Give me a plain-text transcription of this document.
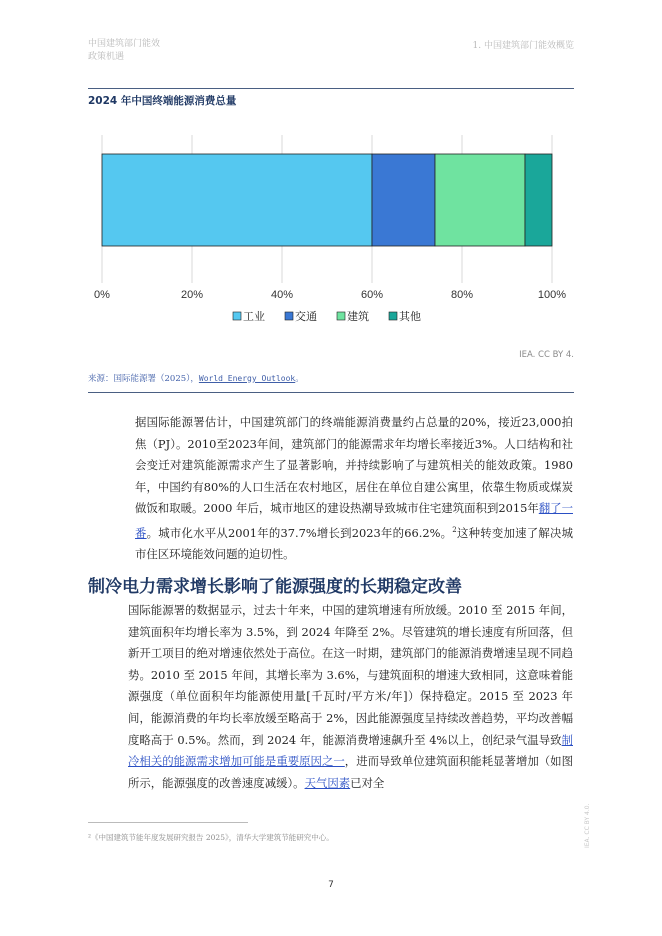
中国建筑部门能效
政策机遇
1. 中国建筑部门能效概览
2024 年中国终端能源消费总量
0%	20%	40%	60%	80%	100%
工业	交通	建筑	其他
IEA. CC BY 4.
来源：国际能源署（2025），World Energy Outlook。
据国际能源署估计，中国建筑部门的终端能源消费量约占总量的20%，接近23,000拍焦（PJ）。2010至2023年间，建筑部门的能源需求年均增长率接近3%。人口结构和社会变迁对建筑能源需求产生了显著影响，并持续影响了与建筑相关的能效政策。1980年，中国约有80%的人口生活在农村地区，居住在单位自建公寓里，依靠生物质或煤炭做饭和取暖。2000 年后，城市地区的建设热潮导致城市住宅建筑面积到2015年翻了一番。城市化水平从2001年的37.7%增长到2023年的66.2%。$^2$这种转变加速了解决城市住区环境能效问题的迫切性。
制冷电力需求增长影响了能源强度的长期稳定改善
国际能源署的数据显示，过去十年来，中国的建筑增速有所放缓。2010 至 2015 年间，建筑面积年均增长率为 3.5%，到 2024 年降至 2%。尽管建筑的增长速度有所回落，但新开工项目的绝对增速依然处于高位。在这一时期，建筑部门的能源消费增速呈现不同趋势。2010 至 2015 年间，其增长率为 3.6%，与建筑面积的增速大致相同，这意味着能源强度（单位面积年均能源使用量[千瓦时/平方米/年]）保持稳定。2015 至 2023 年间，能源消费的年均长率放缓至略高于 2%，因此能源强度呈持续改善趋势，平均改善幅度略高于 0.5%。然而，到 2024 年，能源消费增速飙升至 4%以上，创纪录气温导致制冷相关的能源需求增加可能是重要原因之一，进而导致单位建筑面积能耗显著增加（如图所示，能源强度的改善速度减缓）。天气因素已对全
²《中国建筑节能年度发展研究报告 2025》，清华大学建筑节能研究中心。
7
IEA. CC BY 4.0.
